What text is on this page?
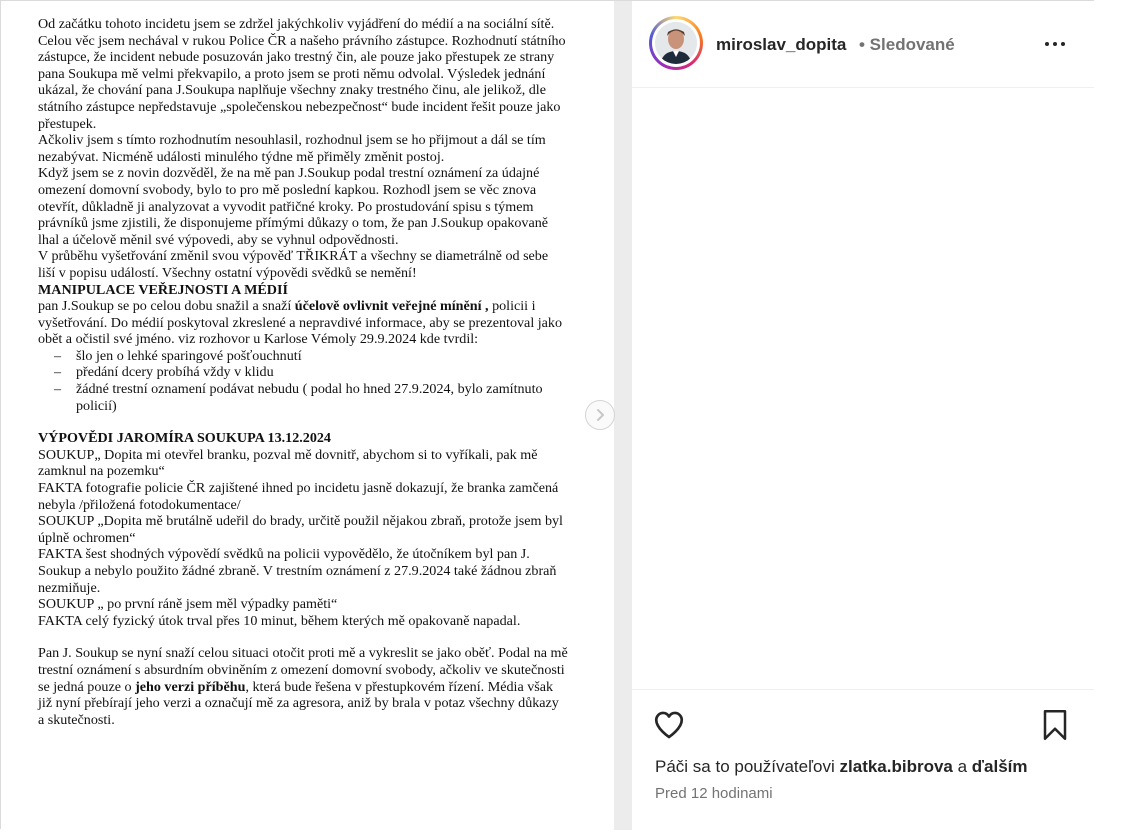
Od začátku tohoto incidetu jsem se zdržel jakýchkoliv vyjádření do médií a na sociální sítě. Celou věc jsem nechával v rukou Police ČR a našeho právního zástupce. Rozhodnutí státního zástupce, že incident nebude posuzován jako trestný čin, ale pouze jako přestupek ze strany pana Soukupa mě velmi překvapilo, a proto jsem se proti němu odvolal. Výsledek jednání ukázal, že chování pana J.Soukupa naplňuje všechny znaky trestného činu, ale jelikož, dle státního zástupce nepředstavuje „společenskou nebezpečnost“ bude incident řešit pouze jako přestupek.

Ačkoliv jsem s tímto rozhodnutím nesouhlasil, rozhodnul jsem se ho přijmout a dál se tím nezabývat. Nicméně události minulého týdne mě přiměly změnit postoj.

Když jsem se z novin dozvěděl, že na mě pan J.Soukup podal trestní oznámení za údajné omezení domovní svobody, bylo to pro mě poslední kapkou. Rozhodl jsem se věc znova otevřít, důkladně ji analyzovat a vyvodit patřičné kroky. Po prostudování spisu s týmem právníků jsme zjistili, že disponujeme přímými důkazy o tom, že pan J.Soukup opakovaně lhal a účelově měnil své výpovedi, aby se vyhnul odpovědnosti.

V průběhu vyšetřování změnil svou výpověď TŘIKRÁT a všechny se diametrálně od sebe liší v popisu událostí. Všechny ostatní výpovědi svědků se nemění!

MANIPULACE VEŘEJNOSTI A MÉDIÍ

pan J.Soukup se po celou dobu snažil a snaží účelově ovlivnit veřejné mínění , policii i vyšetřování. Do médií poskytoval zkreslené a nepravdivé informace, aby se prezentoval jako obět a očistil své jméno. viz rozhovor u Karlose Vémoly 29.9.2024 kde tvrdil:

– šlo jen o lehké sparingové pošťouchnutí
– předání dcery probíhá vždy v klidu
– žádné trestní oznamení podávat nebudu ( podal ho hned 27.9.2024, bylo zamítnuto policií)

VÝPOVĚDI JAROMÍRA SOUKUPA 13.12.2024

SOUKUP„ Dopita mi otevřel branku, pozval mě dovnitř, abychom si to vyříkali, pak mě zamknul na pozemku“

FAKTA fotografie policie ČR zajištené ihned po incidetu jasně dokazují, že branka zamčená nebyla /přiložená fotodokumentace/

SOUKUP „Dopita mě brutálně udeřil do brady, určitě použil nějakou zbraň, protože jsem byl úplně ochromen“

FAKTA šest shodných výpovědí svědků na policii vypovědělo, že útočníkem byl pan J. Soukup a nebylo použito žádné zbraně. V trestním oznámení z 27.9.2024 také žádnou zbraň nezmiňuje.

SOUKUP „ po první ráně jsem měl výpadky paměti“

FAKTA celý fyzický útok trval přes 10 minut, během kterých mě opakovaně napadal.

Pan J. Soukup se nyní snaží celou situaci otočit proti mě a vykreslit se jako oběť. Podal na mě trestní oznámení s absurdním obviněním z omezení domovní svobody, ačkoliv ve skutečnosti se jedná pouze o jeho verzi příběhu, která bude řešena v přestupkovém řízení. Média však již nyní přebírají jeho verzi a označují mě za agresora, aniž by brala v potaz všechny důkazy a skutečnosti.

miroslav_dopita • Sledované
Páči sa to používateľovi zlatka.bibrova a ďalším
Pred 12 hodinami
